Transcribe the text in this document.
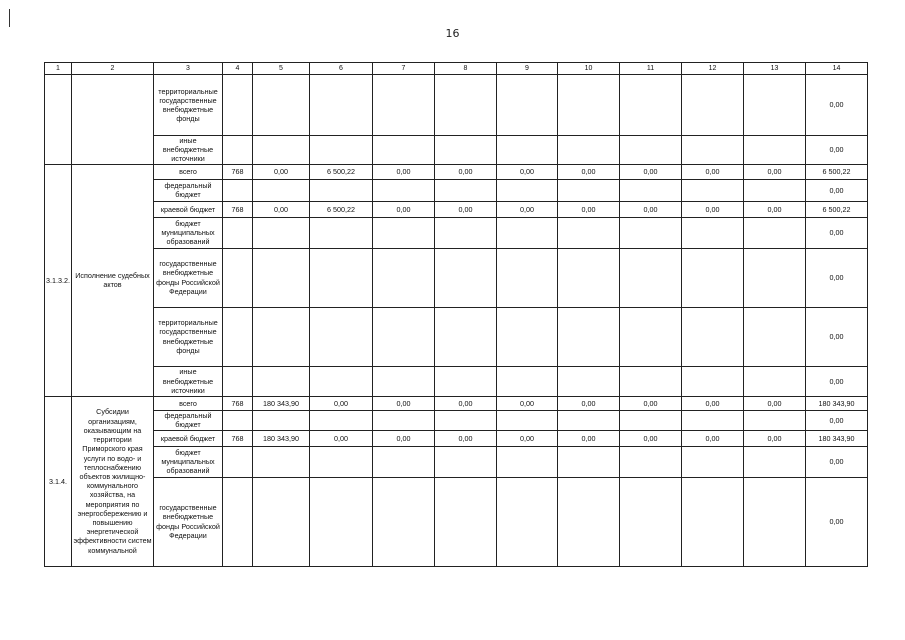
16
1	2	3	4	5	6	7	8	9	10	11	12	13	14
		территориальные государственные внебюджетные фонды											0,00
		иные внебюджетные источники											0,00
3.1.3.2.	Исполнение судебных актов	всего	768	0,00	6 500,22	0,00	0,00	0,00	0,00	0,00	0,00	0,00	6 500,22
		федеральный бюджет											0,00
		краевой бюджет	768	0,00	6 500,22	0,00	0,00	0,00	0,00	0,00	0,00	0,00	6 500,22
		бюджет муниципальных образований											0,00
		государственные внебюджетные фонды Российской Федерации											0,00
		территориальные государственные внебюджетные фонды											0,00
		иные внебюджетные источники											0,00
3.1.4.	Субсидии организациям, оказывающим на территории Приморского края услуги по водо- и теплоснабжению объектов жилищно-коммунального хозяйства, на мероприятия по энергосбережению и повышению энергетической эффективности систем коммунальной	всего	768	180 343,90	0,00	0,00	0,00	0,00	0,00	0,00	0,00	0,00	180 343,90
		федеральный бюджет											0,00
		краевой бюджет	768	180 343,90	0,00	0,00	0,00	0,00	0,00	0,00	0,00	0,00	180 343,90
		бюджет муниципальных образований											0,00
		государственные внебюджетные фонды Российской Федерации											0,00
